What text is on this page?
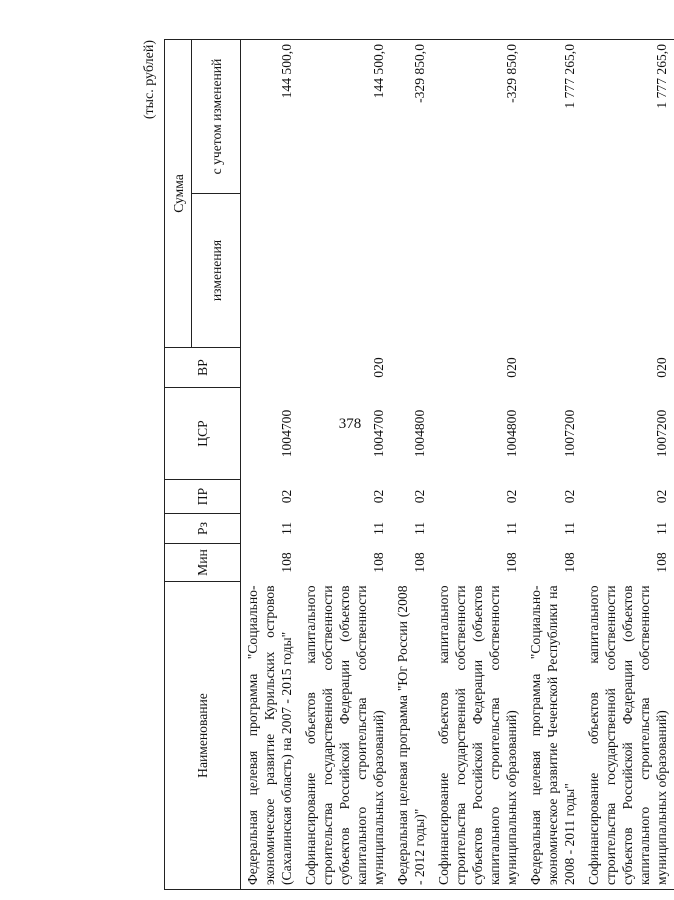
378
(тыс. рублей)
Наименование	Мин	Рз	ПР	ЦСР	ВР	Сумма	
						изменения	с учетом изменений
Федеральная целевая программа "Социально-экономическое развитие Курильских островов (Сахалинская область) на 2007 - 2015 годы"	108	11	02	1004700			144 500,0
Софинансирование объектов капитального строительства государственной собственности субъектов Российской Федерации (объектов капитального строительства собственности муниципальных образований)	108	11	02	1004700	020		144 500,0
Федеральная целевая программа "Юг России (2008 - 2012 годы)"	108	11	02	1004800			-329 850,0
Софинансирование объектов капитального строительства государственной собственности субъектов Российской Федерации (объектов капитального строительства собственности муниципальных образований)	108	11	02	1004800	020		-329 850,0
Федеральная целевая программа "Социально-экономическое развитие Чеченской Республики на 2008 - 2011 годы"	108	11	02	1007200			1 777 265,0
Софинансирование объектов капитального строительства государственной собственности субъектов Российской Федерации (объектов капитального строительства собственности муниципальных образований)	108	11	02	1007200	020		1 777 265,0
